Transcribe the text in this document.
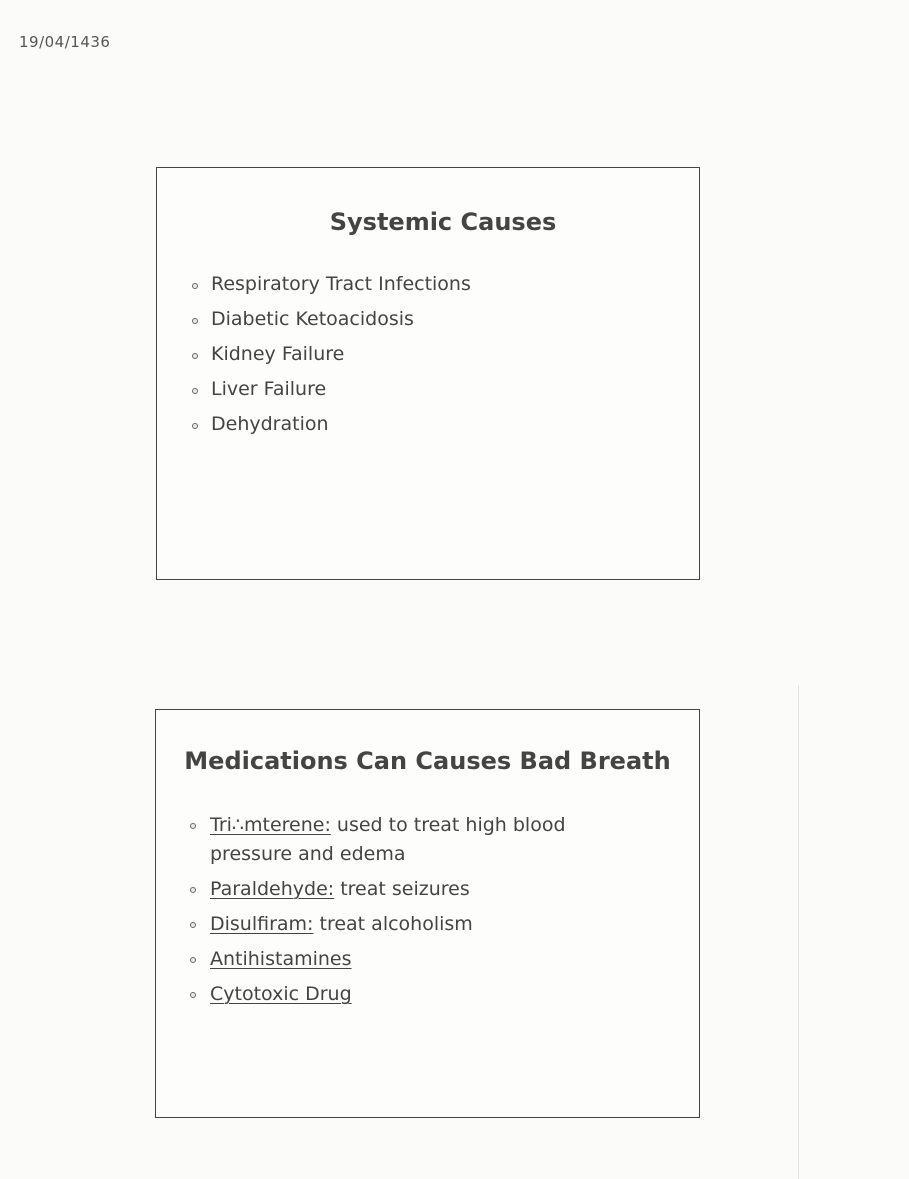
19/04/1436
Systemic Causes
Respiratory Tract Infections
Diabetic Ketoacidosis
Kidney Failure
Liver Failure
Dehydration
Medications Can Causes Bad Breath
Tri∴mterene: used to treat high blood
pressure and edema
Paraldehyde: treat seizures
Disulfiram: treat alcoholism
Antihistamines
Cytotoxic Drug
